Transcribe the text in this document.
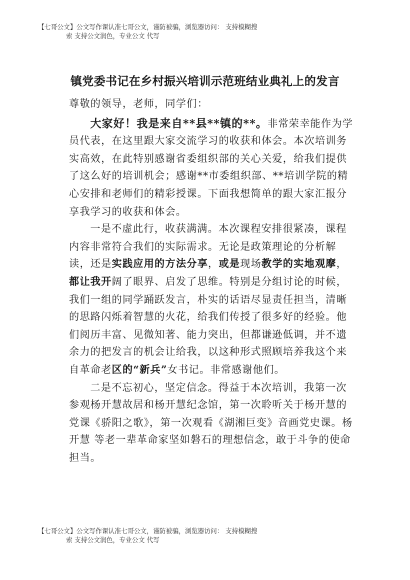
【七哥公文】公文写作课认准七哥公文，谨防被骗，浏览器访问： 支持模糊搜
索 支持公文润色，专业公文 代写
镇党委书记在乡村振兴培训示范班结业典礼上的发言

尊敬的领导，老师，同学们：

大家好！我是来自**县**镇的**。非常荣幸能作为学员代表，在这里跟大家交流学习的收获和体会。本次培训务实高效，在此特别感谢省委组织部的关心关爱，给我们提供了这么好的培训机会；感谢**市委组织部、**培训学院的精心安排和老师们的精彩授课。下面我想简单的跟大家汇报分享我学习的收获和体会。

一是不虚此行，收获满满。本次课程安排很紧凑，课程内容非常符合我们的实际需求。无论是政策理论的分析解读，还是实践应用的方法分享，或是现场教学的实地观摩，都让我开阔了眼界、启发了思维。特别是分组讨论的时候，我们一组的同学踊跃发言，朴实的话语尽显责任担当，清晰的思路闪烁着智慧的火花，给我们传授了很多好的经验。他们阅历丰富、见微知著、能力突出，但都谦逊低调，并不遗余力的把发言的机会让给我，以这种形式照顾培养我这个来自革命老区的“新兵”女书记。非常感谢他们。

二是不忘初心，坚定信念。得益于本次培训，我第一次参观杨开慧故居和杨开慧纪念馆，第一次聆听关于杨开慧的党课《骄阳之歌》，第一次观看《湖湘巨变》音画党史课。杨开慧 等老一辈革命家坚如磐石的理想信念，敢于斗争的使命担当。

【七哥公文】公文写作课认准七哥公文，谨防被骗，浏览器访问： 支持模糊搜
索 支持公文润色，专业公文 代写
